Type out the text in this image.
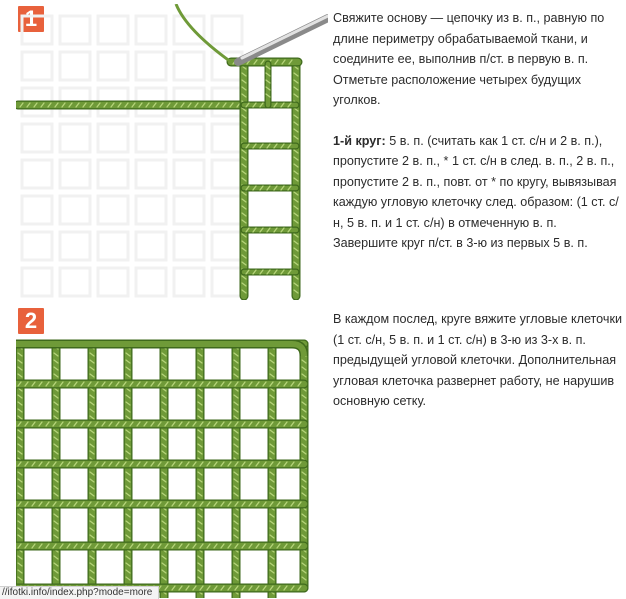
1	Свяжите основу — цепочку из в. п., равную по длине периметру обрабатываемой ткани, и соедините ее, выполнив п/ст. в первую в. п. Отметьте расположение четырех будущих уголков.

1-й круг: 5 в. п. (считать как 1 ст. с/н и 2 в. п.), пропустите 2 в. п., * 1 ст. с/н в след. в. п., 2 в. п., пропустите 2 в. п., повт. от * по кругу, вывязывая каждую угловую клеточку след. образом: (1 ст. с/н, 5 в. п. и 1 ст. с/н) в отмеченную в. п. Завершите круг п/ст. в 3-ю из первых 5 в. п.

2	В каждом послед, круге вяжите угловые клеточки (1 ст. с/н, 5 в. п. и 1 ст. с/н) в 3-ю из 3-х в. п. предыдущей угловой клеточки. Дополнительная угловая клеточка развернет работу, не нарушив основную сетку.

//ifotki.info/index.php?mode=more
